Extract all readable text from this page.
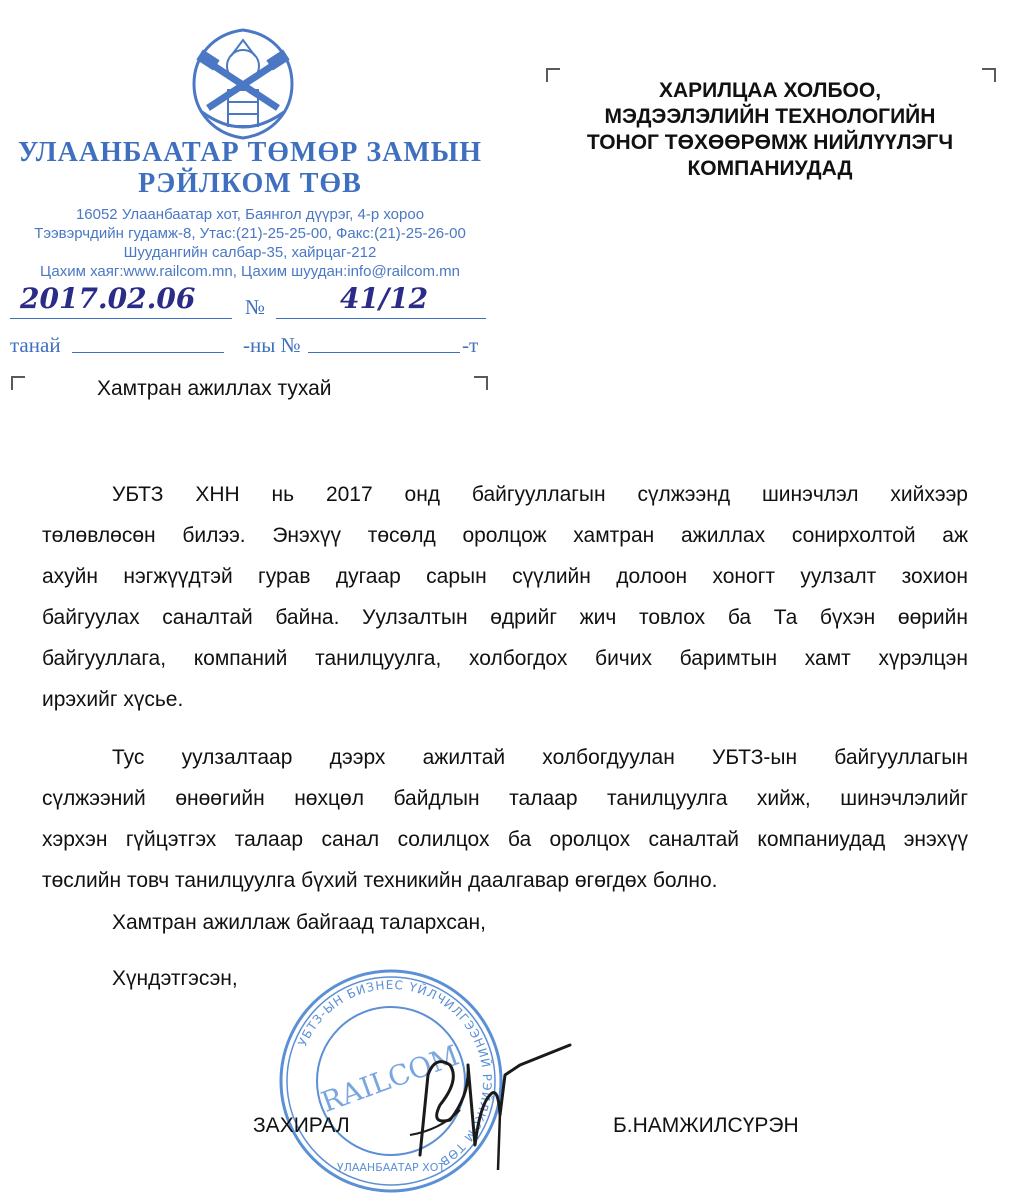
УЛААНБААТАР ТӨМӨР ЗАМЫН
РЭЙЛКОМ ТӨВ
16052 Улаанбаатар хот, Баянгол дүүрэг, 4-р хороо
Тээвэрчдийн гудамж-8, Утас:(21)-25-25-00, Факс:(21)-25-26-00
Шуудангийн салбар-35, хайрцаг-212
Цахим хаяг:www.railcom.mn, Цахим шуудан:info@railcom.mn
2017.02.06 №	41/12
танай	-ны №	-т
ХАРИЛЦАА ХОЛБОО,
МЭДЭЭЛЭЛИЙН ТЕХНОЛОГИЙН
ТОНОГ ТӨХӨӨРӨМЖ НИЙЛҮҮЛЭГЧ
КОМПАНИУДАД
Хамтран ажиллах тухай
УБТЗ ХНН нь 2017 онд байгууллагын сүлжээнд шинэчлэл хийхээр
төлөвлөсөн билээ. Энэхүү төсөлд оролцож хамтран ажиллах сонирхолтой аж
ахуйн нэгжүүдтэй гурав дугаар сарын сүүлийн долоон хоногт уулзалт зохион
байгуулах саналтай байна. Уулзалтын өдрийг жич товлох ба Та бүхэн өөрийн
байгууллага, компаний танилцуулга, холбогдох бичих баримтын хамт хүрэлцэн
ирэхийг хүсье.
Тус уулзалтаар дээрх ажилтай холбогдуулан УБТЗ-ын байгууллагын
сүлжээний өнөөгийн нөхцөл байдлын талаар танилцуулга хийж, шинэчлэлийг
хэрхэн гүйцэтгэх талаар санал солилцох ба оролцох саналтай компаниудад энэхүү
төслийн товч танилцуулга бүхий техникийн даалгавар өгөгдөх болно.
Хамтран ажиллаж байгаад талархсан,
Хүндэтгэсэн,
УБТЗ-ЫН БИЗНЕС ҮЙЛЧИЛГЭЭНИЙ РЭЙЛКОМ ТӨВ
RAILCOM
УЛААНБААТАР ХОТ
ЗАХИРАЛ	Б.НАМЖИЛСҮРЭН
